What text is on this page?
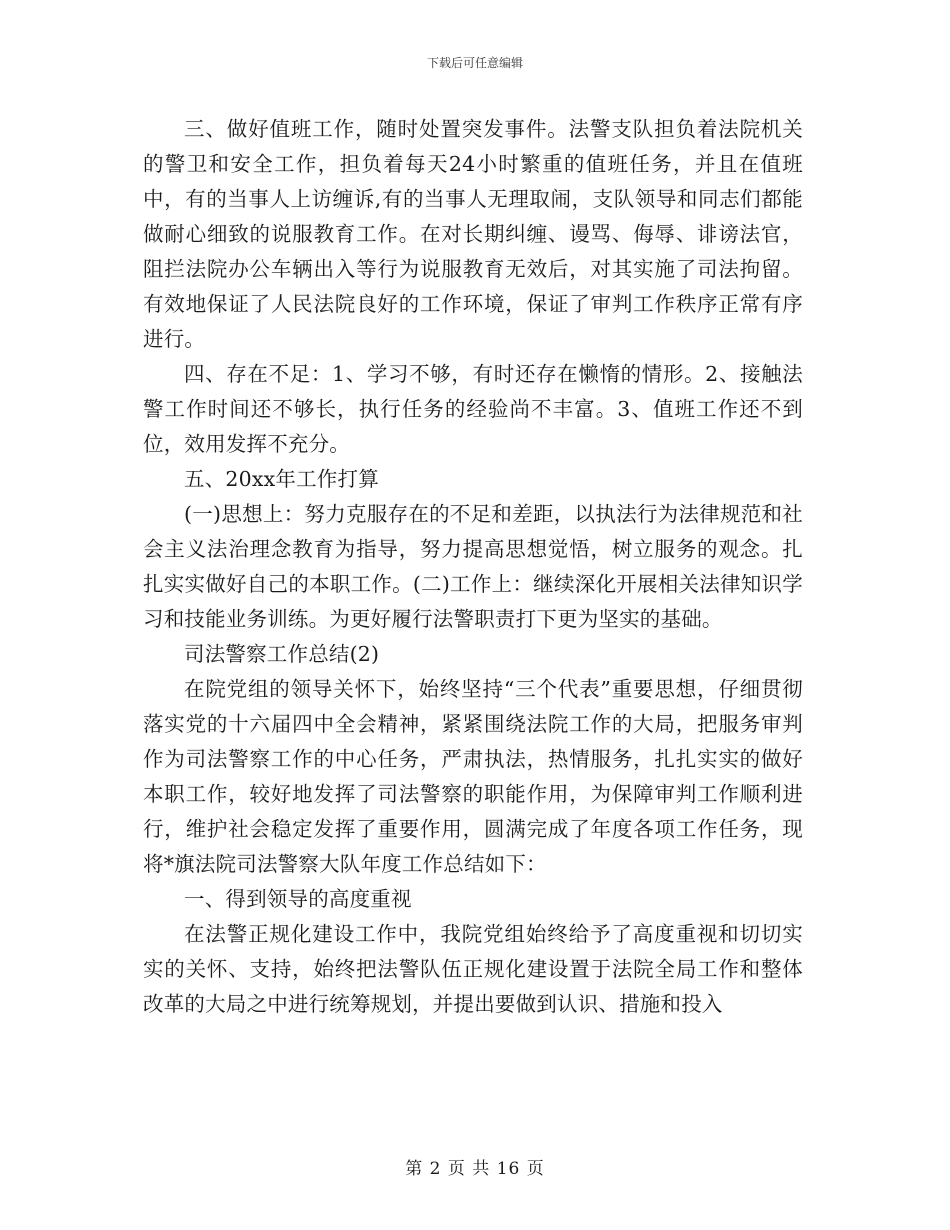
下载后可任意编辑

三、做好值班工作，随时处置突发事件。法警支队担负着法院机关的警卫和安全工作，担负着每天24小时繁重的值班任务，并且在值班中，有的当事人上访缠诉,有的当事人无理取闹，支队领导和同志们都能做耐心细致的说服教育工作。在对长期纠缠、谩骂、侮辱、诽谤法官，阻拦法院办公车辆出入等行为说服教育无效后，对其实施了司法拘留。有效地保证了人民法院良好的工作环境，保证了审判工作秩序正常有序进行。

四、存在不足：1、学习不够，有时还存在懒惰的情形。2、接触法警工作时间还不够长，执行任务的经验尚不丰富。3、值班工作还不到位，效用发挥不充分。

五、20xx年工作打算

(一)思想上：努力克服存在的不足和差距，以执法行为法律规范和社会主义法治理念教育为指导，努力提高思想觉悟，树立服务的观念。扎扎实实做好自己的本职工作。(二)工作上：继续深化开展相关法律知识学习和技能业务训练。为更好履行法警职责打下更为坚实的基础。

司法警察工作总结(2)

在院党组的领导关怀下，始终坚持“三个代表”重要思想，仔细贯彻落实党的十六届四中全会精神，紧紧围绕法院工作的大局，把服务审判作为司法警察工作的中心任务，严肃执法，热情服务，扎扎实实的做好本职工作，较好地发挥了司法警察的职能作用，为保障审判工作顺利进行，维护社会稳定发挥了重要作用，圆满完成了年度各项工作任务，现将*旗法院司法警察大队年度工作总结如下：

一、得到领导的高度重视

在法警正规化建设工作中，我院党组始终给予了高度重视和切切实实的关怀、支持，始终把法警队伍正规化建设置于法院全局工作和整体改革的大局之中进行统筹规划，并提出要做到认识、措施和投入

第 2 页 共 16 页
